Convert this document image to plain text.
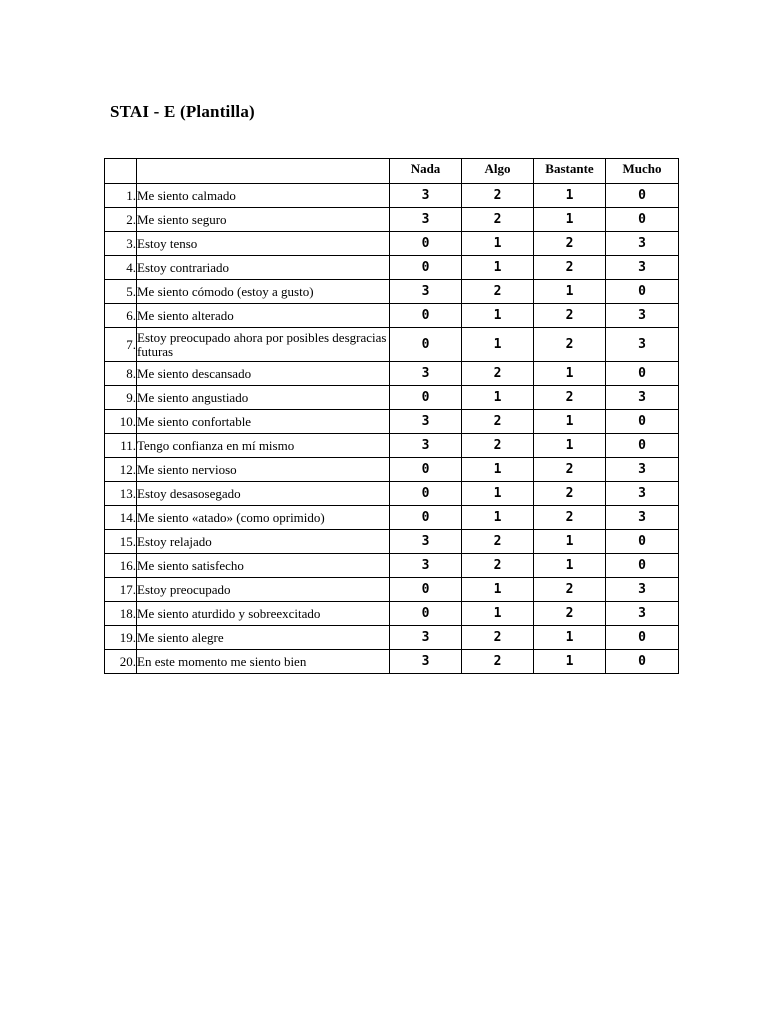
STAI - E (Plantilla)
		Nada	Algo	Bastante	Mucho
1.	Me siento calmado	3	2	1	0
2.	Me siento seguro	3	2	1	0
3.	Estoy tenso	0	1	2	3
4.	Estoy contrariado	0	1	2	3
5.	Me siento cómodo (estoy a gusto)	3	2	1	0
6.	Me siento alterado	0	1	2	3
7.	Estoy preocupado ahora por posibles desgracias futuras	0	1	2	3
8.	Me siento descansado	3	2	1	0
9.	Me siento angustiado	0	1	2	3
10.	Me siento confortable	3	2	1	0
11.	Tengo confianza en mí mismo	3	2	1	0
12.	Me siento nervioso	0	1	2	3
13.	Estoy desasosegado	0	1	2	3
14.	Me siento «atado» (como oprimido)	0	1	2	3
15.	Estoy relajado	3	2	1	0
16.	Me siento satisfecho	3	2	1	0
17.	Estoy preocupado	0	1	2	3
18.	Me siento aturdido y sobreexcitado	0	1	2	3
19.	Me siento alegre	3	2	1	0
20.	En este momento me siento bien	3	2	1	0
